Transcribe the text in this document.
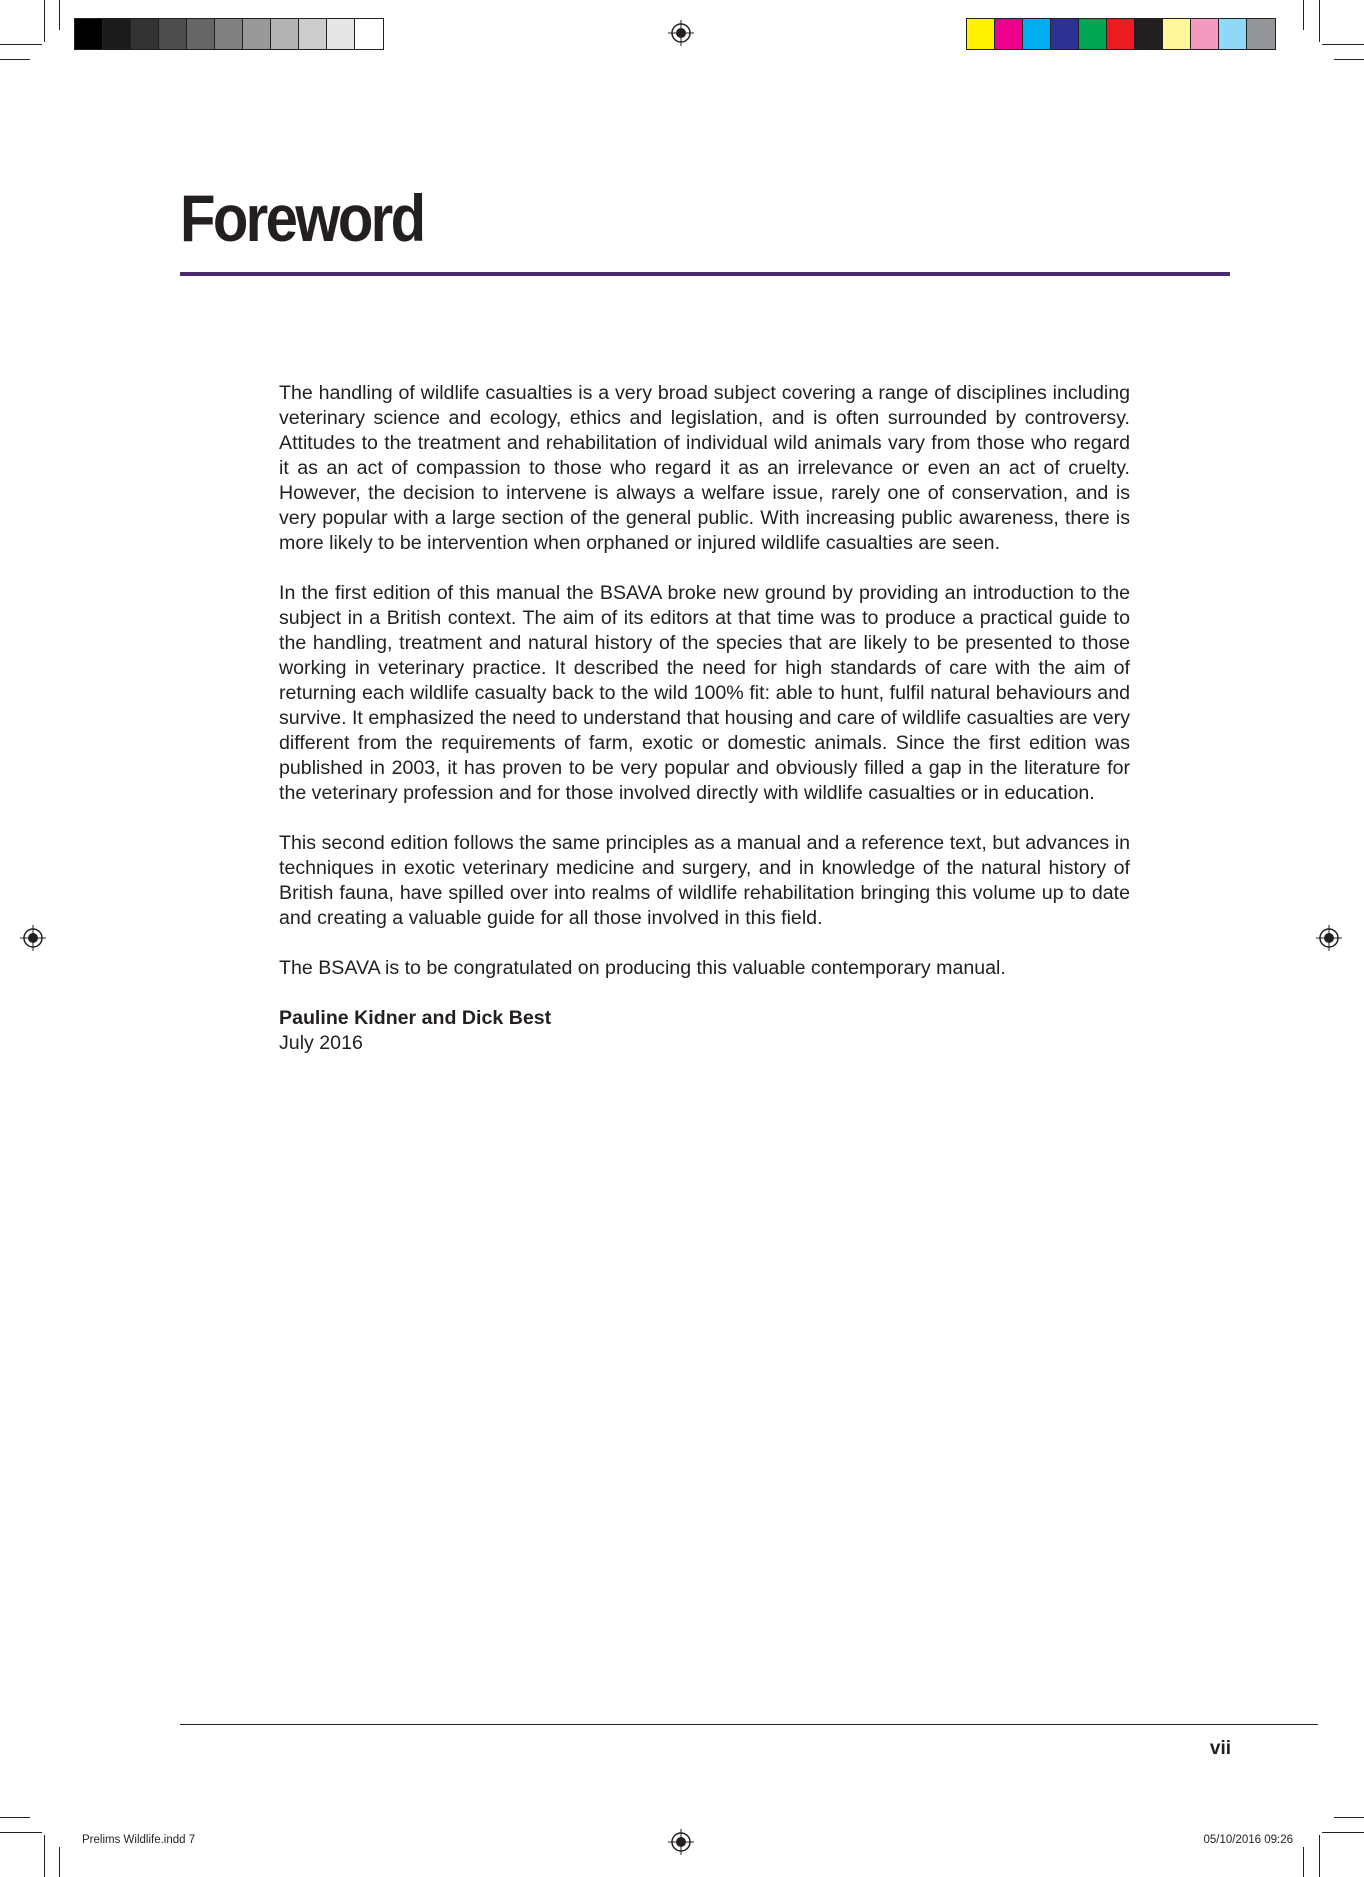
Foreword

The handling of wildlife casualties is a very broad subject covering a range of disciplines including veterinary science and ecology, ethics and legislation, and is often surrounded by controversy. Attitudes to the treatment and rehabilitation of individual wild animals vary from those who regard it as an act of compassion to those who regard it as an irrelevance or even an act of cruelty. However, the decision to intervene is always a welfare issue, rarely one of conservation, and is very popular with a large section of the general public. With increasing public awareness, there is more likely to be intervention when orphaned or injured wildlife casualties are seen.

In the first edition of this manual the BSAVA broke new ground by providing an introduction to the subject in a British context. The aim of its editors at that time was to produce a practical guide to the handling, treatment and natural history of the species that are likely to be presented to those working in veterinary practice. It described the need for high standards of care with the aim of returning each wildlife casualty back to the wild 100% fit: able to hunt, fulfil natural behaviours and survive. It emphasized the need to understand that housing and care of wildlife casualties are very different from the requirements of farm, exotic or domestic animals. Since the first edition was published in 2003, it has proven to be very popular and obviously filled a gap in the literature for the veterinary profession and for those involved directly with wildlife casualties or in education.

This second edition follows the same principles as a manual and a reference text, but advances in techniques in exotic veterinary medicine and surgery, and in knowledge of the natural history of British fauna, have spilled over into realms of wildlife rehabilitation bringing this volume up to date and creating a valuable guide for all those involved in this field.

The BSAVA is to be congratulated on producing this valuable contemporary manual.

Pauline Kidner and Dick Best
July 2016
vii
Prelims Wildlife.indd 7	05/10/2016 09:26
